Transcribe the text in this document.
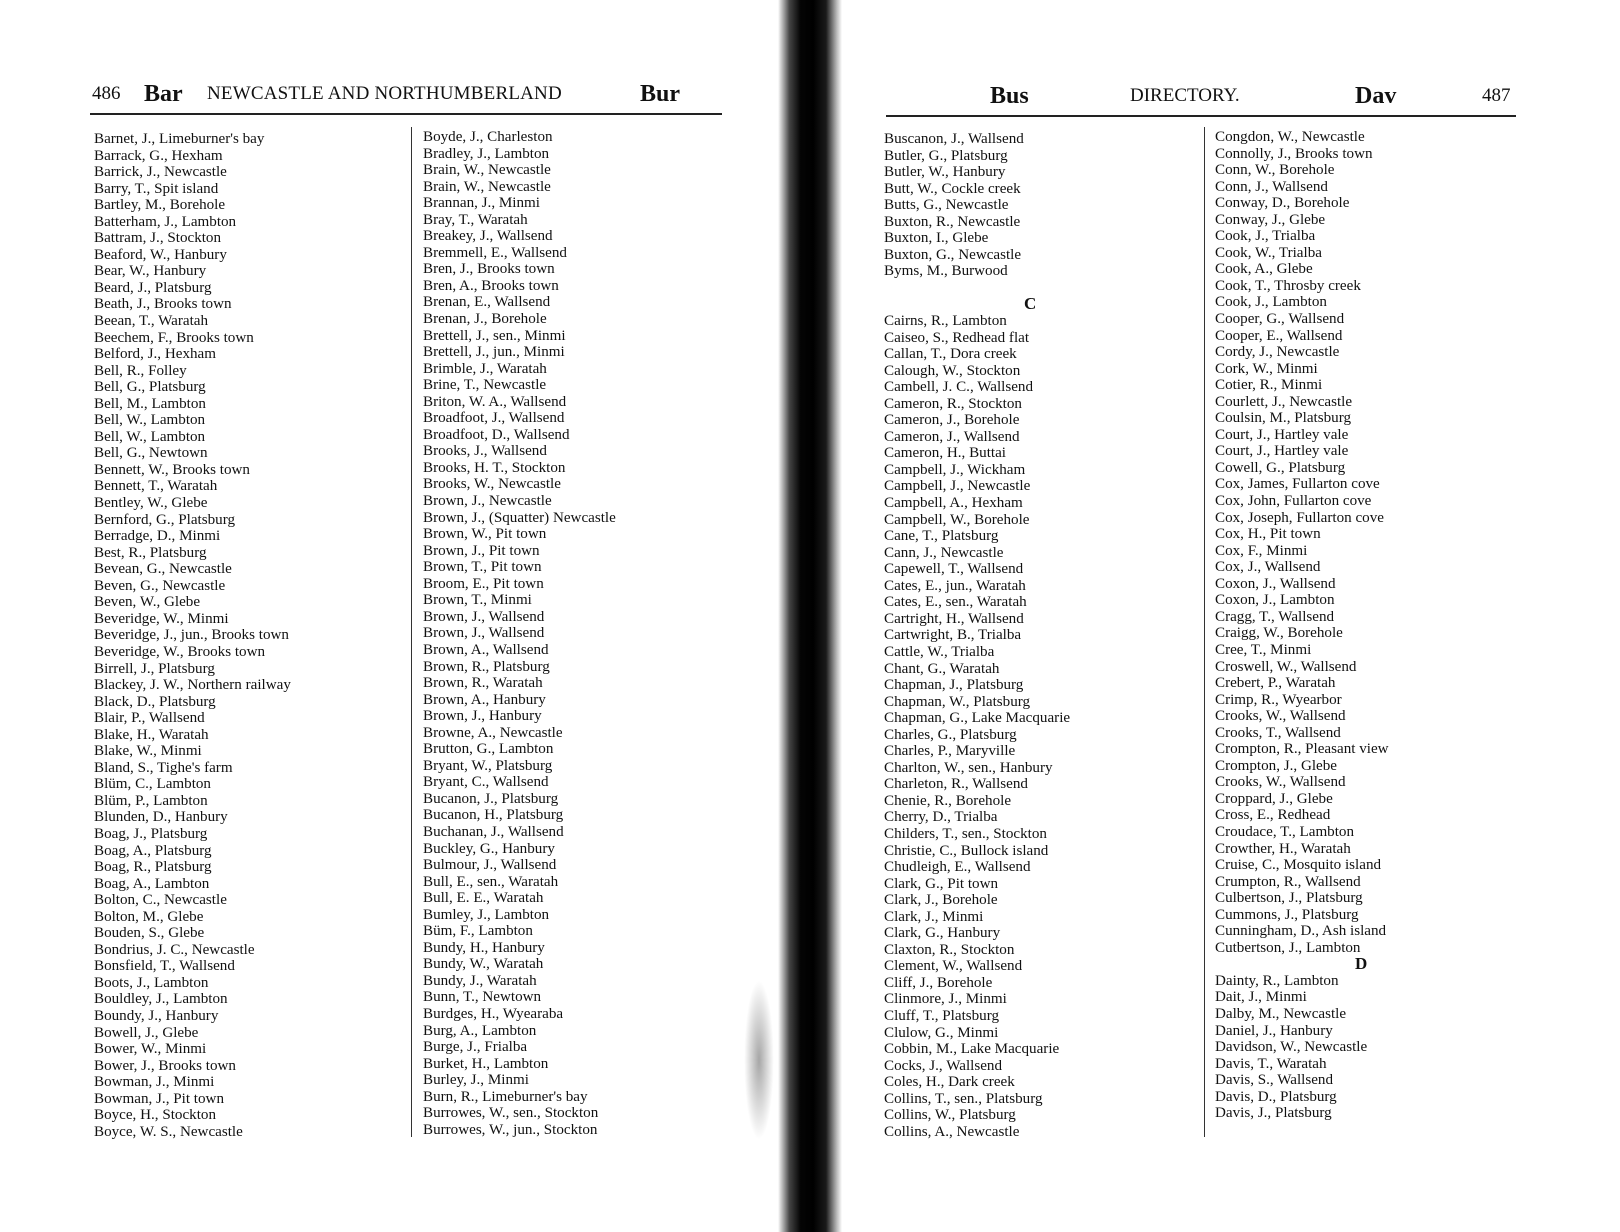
486 Bar NEWCASTLE AND NORTHUMBERLAND	Bur	Bus	DIRECTORY.	Dav	487
Barnet, J., Limeburner's bay
Barrack, G., Hexham
Barrick, J., Newcastle
Barry, T., Spit island
Bartley, M., Borehole
Batterham, J., Lambton
Battram, J., Stockton
Beaford, W., Hanbury
Bear, W., Hanbury
Beard, J., Platsburg
Beath, J., Brooks town
Beean, T., Waratah
Beechem, F., Brooks town
Belford, J., Hexham
Bell, R., Folley
Bell, G., Platsburg
Bell, M., Lambton
Bell, W., Lambton
Bell, W., Lambton
Bell, G., Newtown
Bennett, W., Brooks town
Bennett, T., Waratah
Bentley, W., Glebe
Bernford, G., Platsburg
Berradge, D., Minmi
Best, R., Platsburg
Bevean, G., Newcastle
Beven, G., Newcastle
Beven, W., Glebe
Beveridge, W., Minmi
Beveridge, J., jun., Brooks town
Beveridge, W., Brooks town
Birrell, J., Platsburg
Blackey, J. W., Northern railway
Black, D., Platsburg
Blair, P., Wallsend
Blake, H., Waratah
Blake, W., Minmi
Bland, S., Tighe's farm
Blüm, C., Lambton
Blüm, P., Lambton
Blunden, D., Hanbury
Boag, J., Platsburg
Boag, A., Platsburg
Boag, R., Platsburg
Boag, A., Lambton
Bolton, C., Newcastle
Bolton, M., Glebe
Bouden, S., Glebe
Bondrius, J. C., Newcastle
Bonsfield, T., Wallsend
Boots, J., Lambton
Bouldley, J., Lambton
Boundy, J., Hanbury
Bowell, J., Glebe
Bower, W., Minmi
Bower, J., Brooks town
Bowman, J., Minmi
Bowman, J., Pit town
Boyce, H., Stockton
Boyce, W. S., Newcastle
Boyde, J., Charleston
Bradley, J., Lambton
Brain, W., Newcastle
Brain, W., Newcastle
Brannan, J., Minmi
Bray, T., Waratah
Breakey, J., Wallsend
Bremmell, E., Wallsend
Bren, J., Brooks town
Bren, A., Brooks town
Brenan, E., Wallsend
Brenan, J., Borehole
Brettell, J., sen., Minmi
Brettell, J., jun., Minmi
Brimble, J., Waratah
Brine, T., Newcastle
Briton, W. A., Wallsend
Broadfoot, J., Wallsend
Broadfoot, D., Wallsend
Brooks, J., Wallsend
Brooks, H. T., Stockton
Brooks, W., Newcastle
Brown, J., Newcastle
Brown, J., (Squatter) Newcastle
Brown, W., Pit town
Brown, J., Pit town
Brown, T., Pit town
Broom, E., Pit town
Brown, T., Minmi
Brown, J., Wallsend
Brown, J., Wallsend
Brown, A., Wallsend
Brown, R., Platsburg
Brown, R., Waratah
Brown, A., Hanbury
Brown, J., Hanbury
Browne, A., Newcastle
Brutton, G., Lambton
Bryant, W., Platsburg
Bryant, C., Wallsend
Bucanon, J., Platsburg
Bucanon, H., Platsburg
Buchanan, J., Wallsend
Buckley, G., Hanbury
Bulmour, J., Wallsend
Bull, E., sen., Waratah
Bull, E. E., Waratah
Bumley, J., Lambton
Büm, F., Lambton
Bundy, H., Hanbury
Bundy, W., Waratah
Bundy, J., Waratah
Bunn, T., Newtown
Burdges, H., Wyearaba
Burg, A., Lambton
Burge, J., Frialba
Burket, H., Lambton
Burley, J., Minmi
Burn, R., Limeburner's bay
Burrowes, W., sen., Stockton
Burrowes, W., jun., Stockton
Buscanon, J., Wallsend
Butler, G., Platsburg
Butler, W., Hanbury
Butt, W., Cockle creek
Butts, G., Newcastle
Buxton, R., Newcastle
Buxton, I., Glebe
Buxton, G., Newcastle
Byms, M., Burwood
C
Cairns, R., Lambton
Caiseo, S., Redhead flat
Callan, T., Dora creek
Calough, W., Stockton
Cambell, J. C., Wallsend
Cameron, R., Stockton
Cameron, J., Borehole
Cameron, J., Wallsend
Cameron, H., Buttai
Campbell, J., Wickham
Campbell, J., Newcastle
Campbell, A., Hexham
Campbell, W., Borehole
Cane, T., Platsburg
Cann, J., Newcastle
Capewell, T., Wallsend
Cates, E., jun., Waratah
Cates, E., sen., Waratah
Cartright, H., Wallsend
Cartwright, B., Trialba
Cattle, W., Trialba
Chant, G., Waratah
Chapman, J., Platsburg
Chapman, W., Platsburg
Chapman, G., Lake Macquarie
Charles, G., Platsburg
Charles, P., Maryville
Charlton, W., sen., Hanbury
Charleton, R., Wallsend
Chenie, R., Borehole
Cherry, D., Trialba
Childers, T., sen., Stockton
Christie, C., Bullock island
Chudleigh, E., Wallsend
Clark, G., Pit town
Clark, J., Borehole
Clark, J., Minmi
Clark, G., Hanbury
Claxton, R., Stockton
Clement, W., Wallsend
Cliff, J., Borehole
Clinmore, J., Minmi
Cluff, T., Platsburg
Clulow, G., Minmi
Cobbin, M., Lake Macquarie
Cocks, J., Wallsend
Coles, H., Dark creek
Collins, T., sen., Platsburg
Collins, W., Platsburg
Collins, A., Newcastle
Congdon, W., Newcastle
Connolly, J., Brooks town
Conn, W., Borehole
Conn, J., Wallsend
Conway, D., Borehole
Conway, J., Glebe
Cook, J., Trialba
Cook, W., Trialba
Cook, A., Glebe
Cook, T., Throsby creek
Cook, J., Lambton
Cooper, G., Wallsend
Cooper, E., Wallsend
Cordy, J., Newcastle
Cork, W., Minmi
Cotier, R., Minmi
Courlett, J., Newcastle
Coulsin, M., Platsburg
Court, J., Hartley vale
Court, J., Hartley vale
Cowell, G., Platsburg
Cox, James, Fullarton cove
Cox, John, Fullarton cove
Cox, Joseph, Fullarton cove
Cox, H., Pit town
Cox, F., Minmi
Cox, J., Wallsend
Coxon, J., Wallsend
Coxon, J., Lambton
Cragg, T., Wallsend
Craigg, W., Borehole
Cree, T., Minmi
Croswell, W., Wallsend
Crebert, P., Waratah
Crimp, R., Wyearbor
Crooks, W., Wallsend
Crooks, T., Wallsend
Crompton, R., Pleasant view
Crompton, J., Glebe
Crooks, W., Wallsend
Croppard, J., Glebe
Cross, E., Redhead
Croudace, T., Lambton
Crowther, H., Waratah
Cruise, C., Mosquito island
Crumpton, R., Wallsend
Culbertson, J., Platsburg
Cummons, J., Platsburg
Cunningham, D., Ash island
Cutbertson, J., Lambton
D
Dainty, R., Lambton
Dait, J., Minmi
Dalby, M., Newcastle
Daniel, J., Hanbury
Davidson, W., Newcastle
Davis, T., Waratah
Davis, S., Wallsend
Davis, D., Platsburg
Davis, J., Platsburg
